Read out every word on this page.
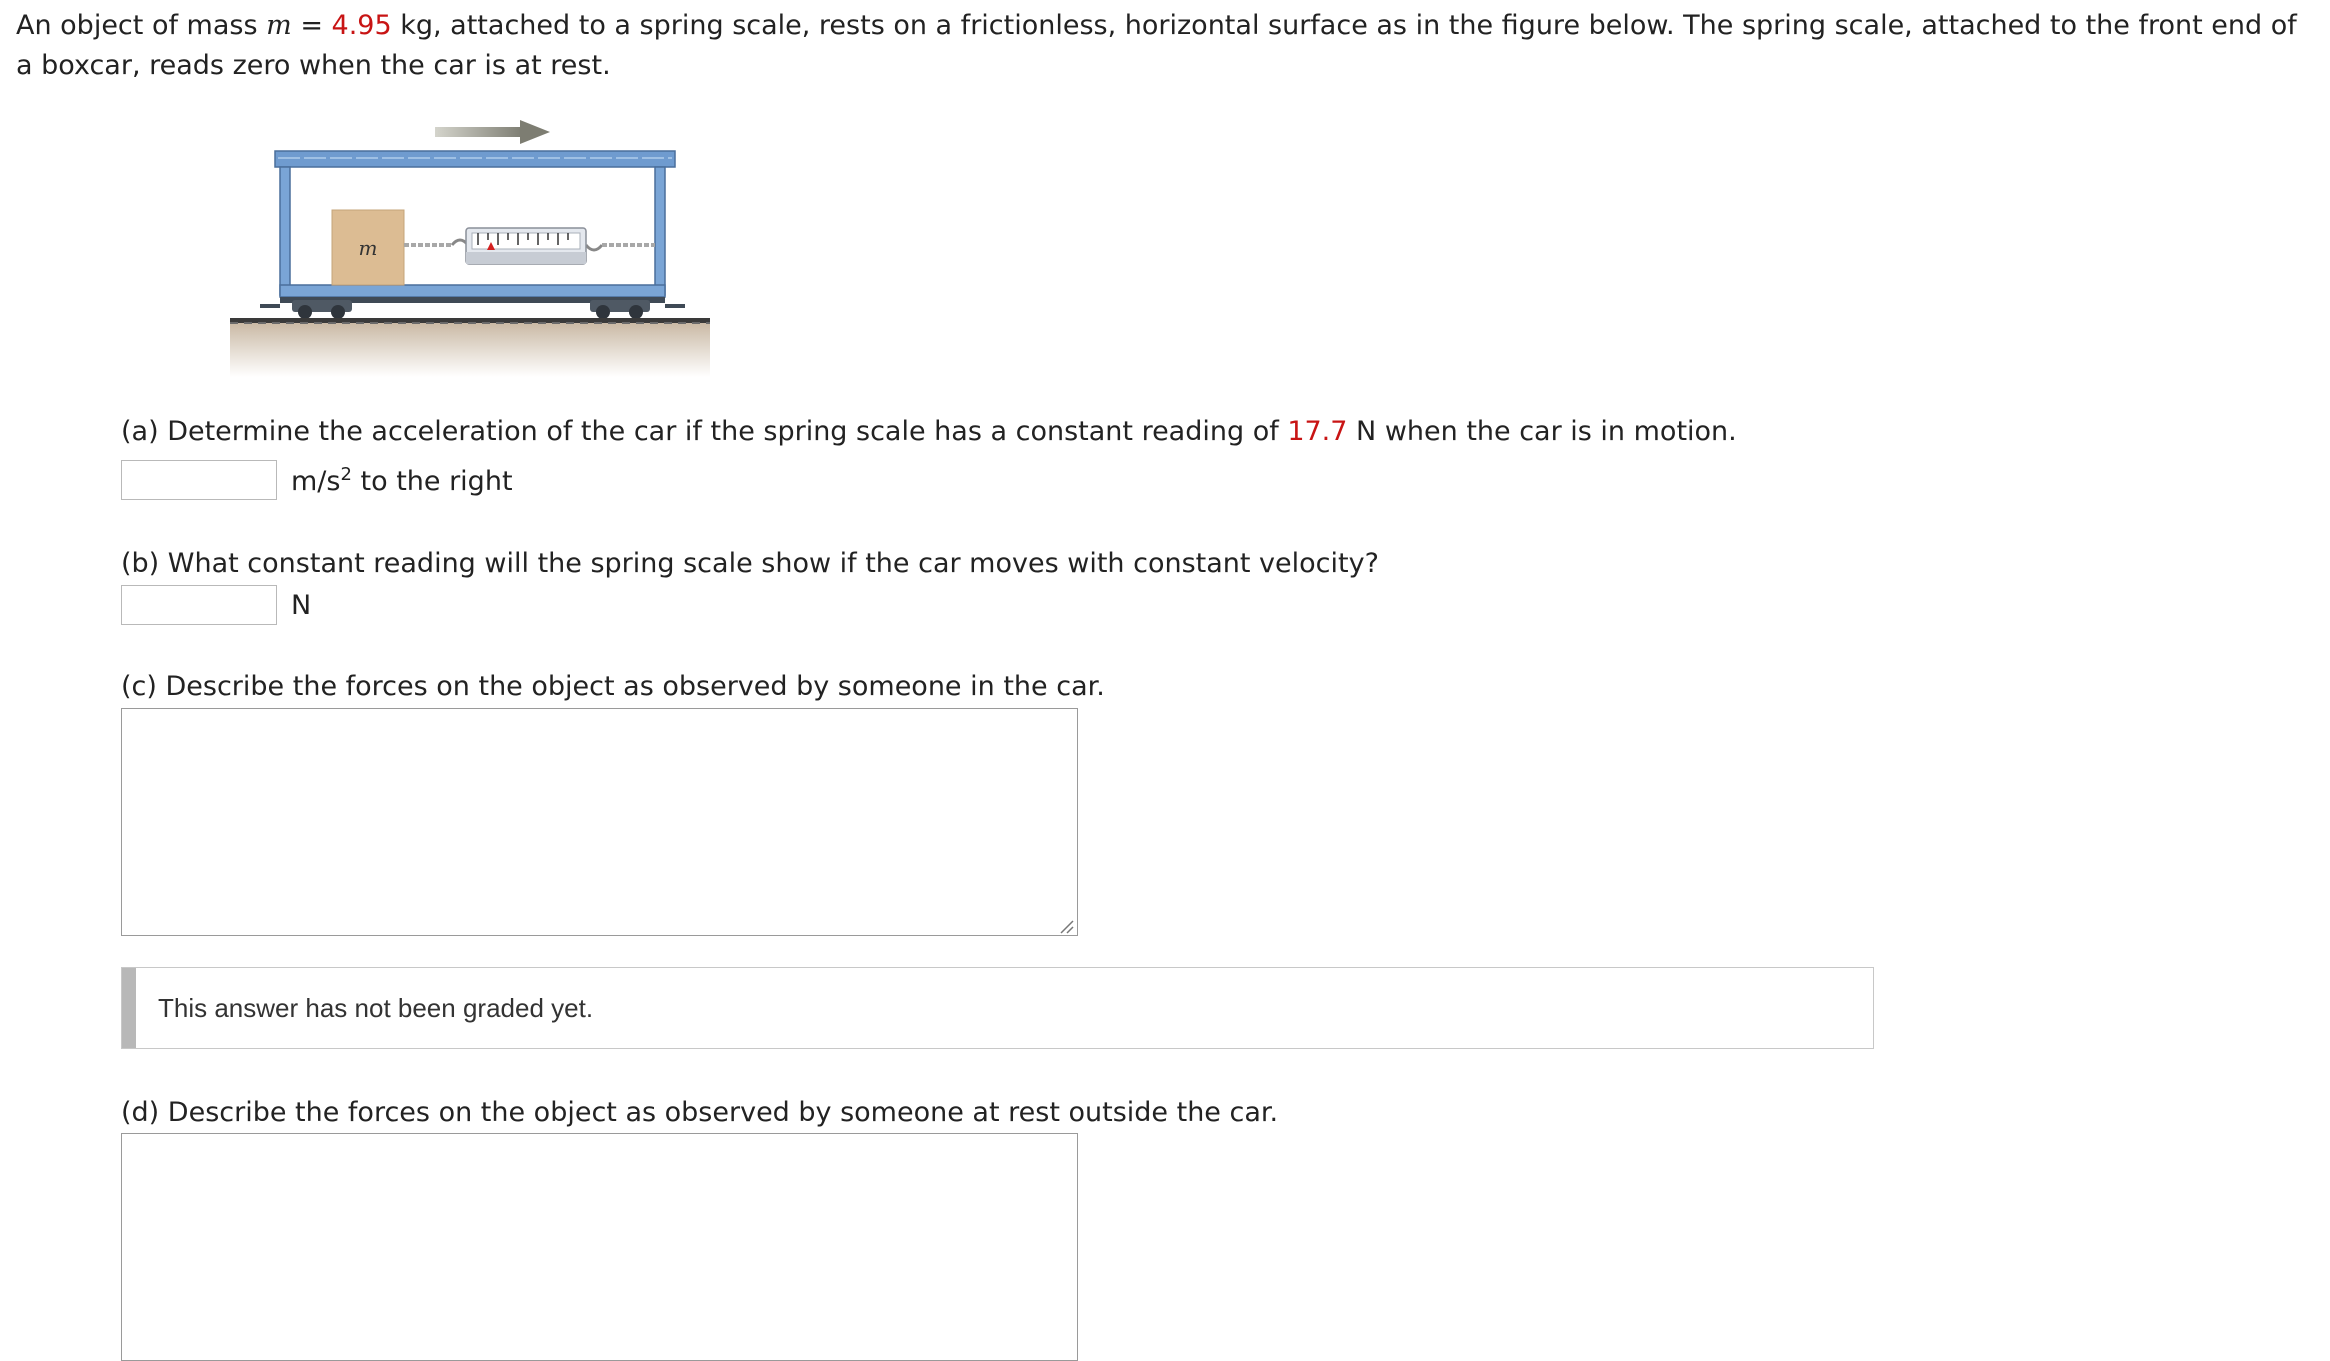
An object of mass m = 4.95 kg, attached to a spring scale, rests on a frictionless, horizontal surface as in the figure below. The spring scale, attached to the front end of a boxcar, reads zero when the car is at rest.

m

(a) Determine the acceleration of the car if the spring scale has a constant reading of 17.7 N when the car is in motion.

$m/s^2$ to the right

(b) What constant reading will the spring scale show if the car moves with constant velocity?

N

(c) Describe the forces on the object as observed by someone in the car.

This answer has not been graded yet.

(d) Describe the forces on the object as observed by someone at rest outside the car.
